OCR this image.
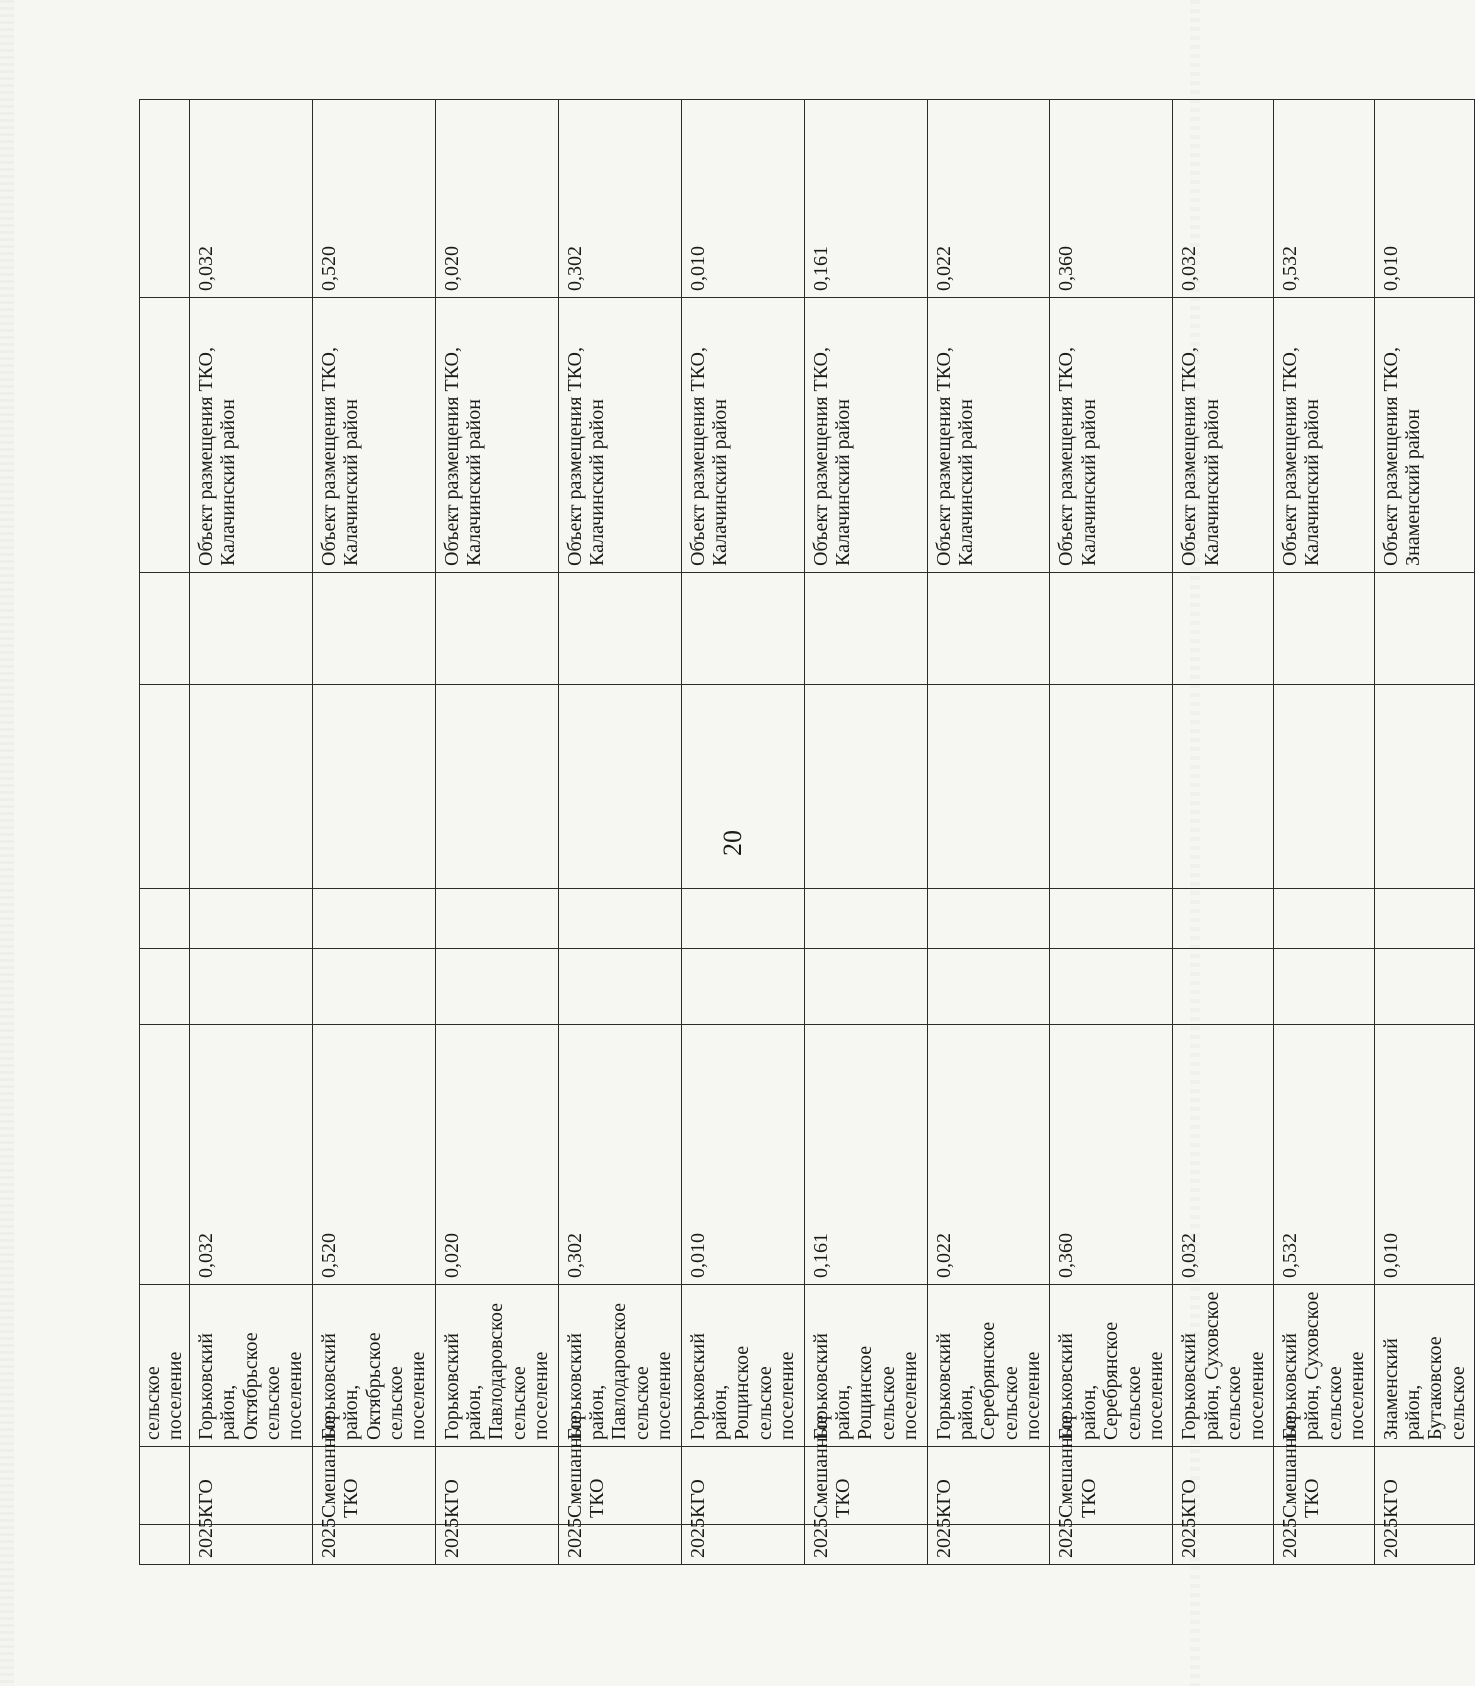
20
		сельское поселение							
2025	КГО	Горьковский район, Октябрьское сельское поселение	0,032					Объект размещения ТКО, Калачинский район	0,032
2025	Смешанные ТКО	Горьковский район, Октябрьское сельское поселение	0,520					Объект размещения ТКО, Калачинский район	0,520
2025	КГО	Горьковский район, Павлодаровское сельское поселение	0,020					Объект размещения ТКО, Калачинский район	0,020
2025	Смешанные ТКО	Горьковский район, Павлодаровское сельское поселение	0,302					Объект размещения ТКО, Калачинский район	0,302
2025	КГО	Горьковский район, Рощинское сельское поселение	0,010					Объект размещения ТКО, Калачинский район	0,010
2025	Смешанные ТКО	Горьковский район, Рощинское сельское поселение	0,161					Объект размещения ТКО, Калачинский район	0,161
2025	КГО	Горьковский район, Серебрянское сельское поселение	0,022					Объект размещения ТКО, Калачинский район	0,022
2025	Смешанные ТКО	Горьковский район, Серебрянское сельское поселение	0,360					Объект размещения ТКО, Калачинский район	0,360
2025	КГО	Горьковский район, Суховское сельское поселение	0,032					Объект размещения ТКО, Калачинский район	0,032
2025	Смешанные ТКО	Горьковский район, Суховское сельское поселение	0,532					Объект размещения ТКО, Калачинский район	0,532
2025	КГО	Знаменский район, Бутаковское сельское	0,010					Объект размещения ТКО, Знаменский район	0,010
